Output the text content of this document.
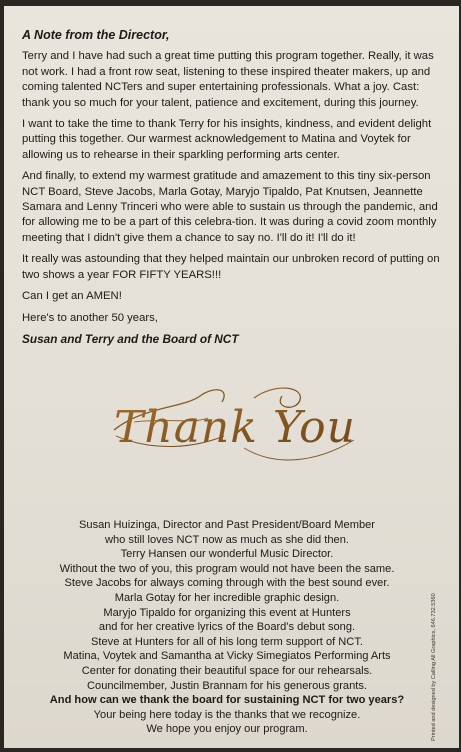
A Note from the Director,

Terry and I have had such a great time putting this program together. Really, it was not work. I had a front row seat, listening to these inspired theater makers, up and coming talented NCTers and super entertaining professionals. What a joy. Cast: thank you so much for your talent, patience and excitement, during this journey.

I want to take the time to thank Terry for his insights, kindness, and evident delight putting this together. Our warmest acknowledgement to Matina and Voytek for allowing us to rehearse in their sparkling performing arts center.

And finally, to extend my warmest gratitude and amazement to this tiny six-person NCT Board, Steve Jacobs, Marla Gotay, Maryjo Tipaldo, Pat Knutsen, Jeannette Samara and Lenny Trinceri who were able to sustain us through the pandemic, and for allowing me to be a part of this celebra-tion. It was during a covid zoom monthly meeting that I didn't give them a chance to say no. I'll do it! I'll do it!

It really was astounding that they helped maintain our unbroken record of putting on two shows a year FOR FIFTY YEARS!!!

Can I get an AMEN!

Here's to another 50 years,

Susan and Terry and the Board of NCT

Thank You
Susan Huizinga, Director and Past President/Board Member
who still loves NCT now as much as she did then.
Terry Hansen our wonderful Music Director.
Without the two of you, this program would not have been the same.
Steve Jacobs for always coming through with the best sound ever.
Marla Gotay for her incredible graphic design.
Maryjo Tipaldo for organizing this event at Hunters
and for her creative lyrics of the Board's debut song.
Steve at Hunters for all of his long term support of NCT.
Matina, Voytek and Samantha at Vicky Simegiatos Performing Arts
Center for donating their beautiful space for our rehearsals.
Councilmember, Justin Brannam for his generous grants.
And how can we thank the board for sustaining NCT for two years?
Your being here today is the thanks that we recognize.
We hope you enjoy our program.	Printed and designed by Calling All Graphics, 646.732.5360
